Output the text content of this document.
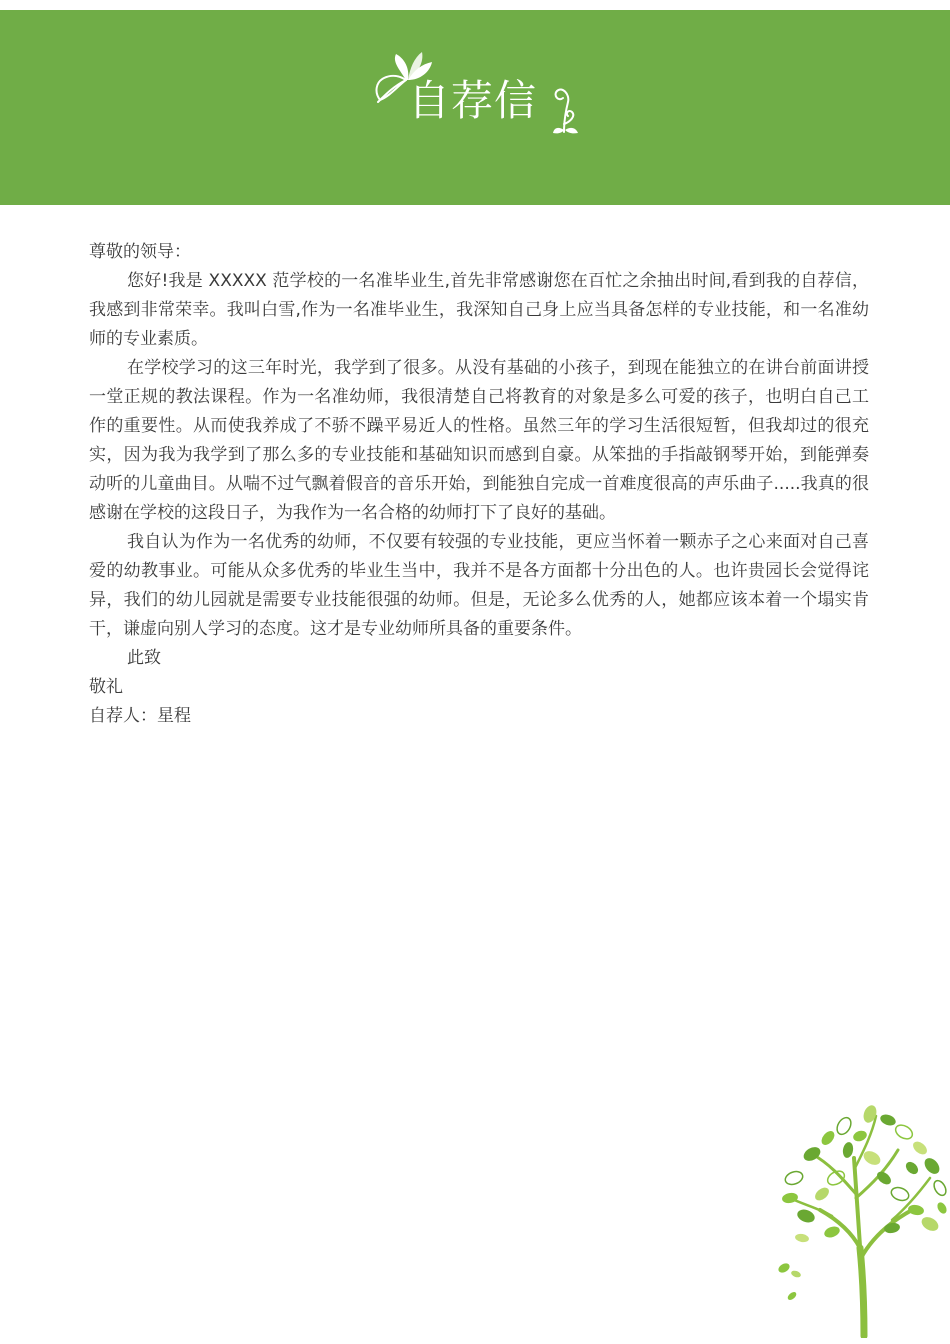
自荐信

尊敬的领导：

您好!我是 XXXXX 范学校的一名准毕业生,首先非常感谢您在百忙之余抽出时间,看到我的自荐信，我感到非常荣幸。我叫白雪,作为一名准毕业生，我深知自己身上应当具备怎样的专业技能，和一名准幼师的专业素质。

在学校学习的这三年时光，我学到了很多。从没有基础的小孩子，到现在能独立的在讲台前面讲授一堂正规的教法课程。作为一名准幼师，我很清楚自己将教育的对象是多么可爱的孩子，也明白自己工作的重要性。从而使我养成了不骄不躁平易近人的性格。虽然三年的学习生活很短暂，但我却过的很充实，因为我为我学到了那么多的专业技能和基础知识而感到自豪。从笨拙的手指敲钢琴开始，到能弹奏动听的儿童曲目。从喘不过气飘着假音的音乐开始，到能独自完成一首难度很高的声乐曲子.....我真的很感谢在学校的这段日子，为我作为一名合格的幼师打下了良好的基础。

我自认为作为一名优秀的幼师，不仅要有较强的专业技能，更应当怀着一颗赤子之心来面对自己喜爱的幼教事业。可能从众多优秀的毕业生当中，我并不是各方面都十分出色的人。也许贵园长会觉得诧异，我们的幼儿园就是需要专业技能很强的幼师。但是，无论多么优秀的人，她都应该本着一个塌实肯干，谦虚向别人学习的态度。这才是专业幼师所具备的重要条件。

此致

敬礼

自荐人：星程
